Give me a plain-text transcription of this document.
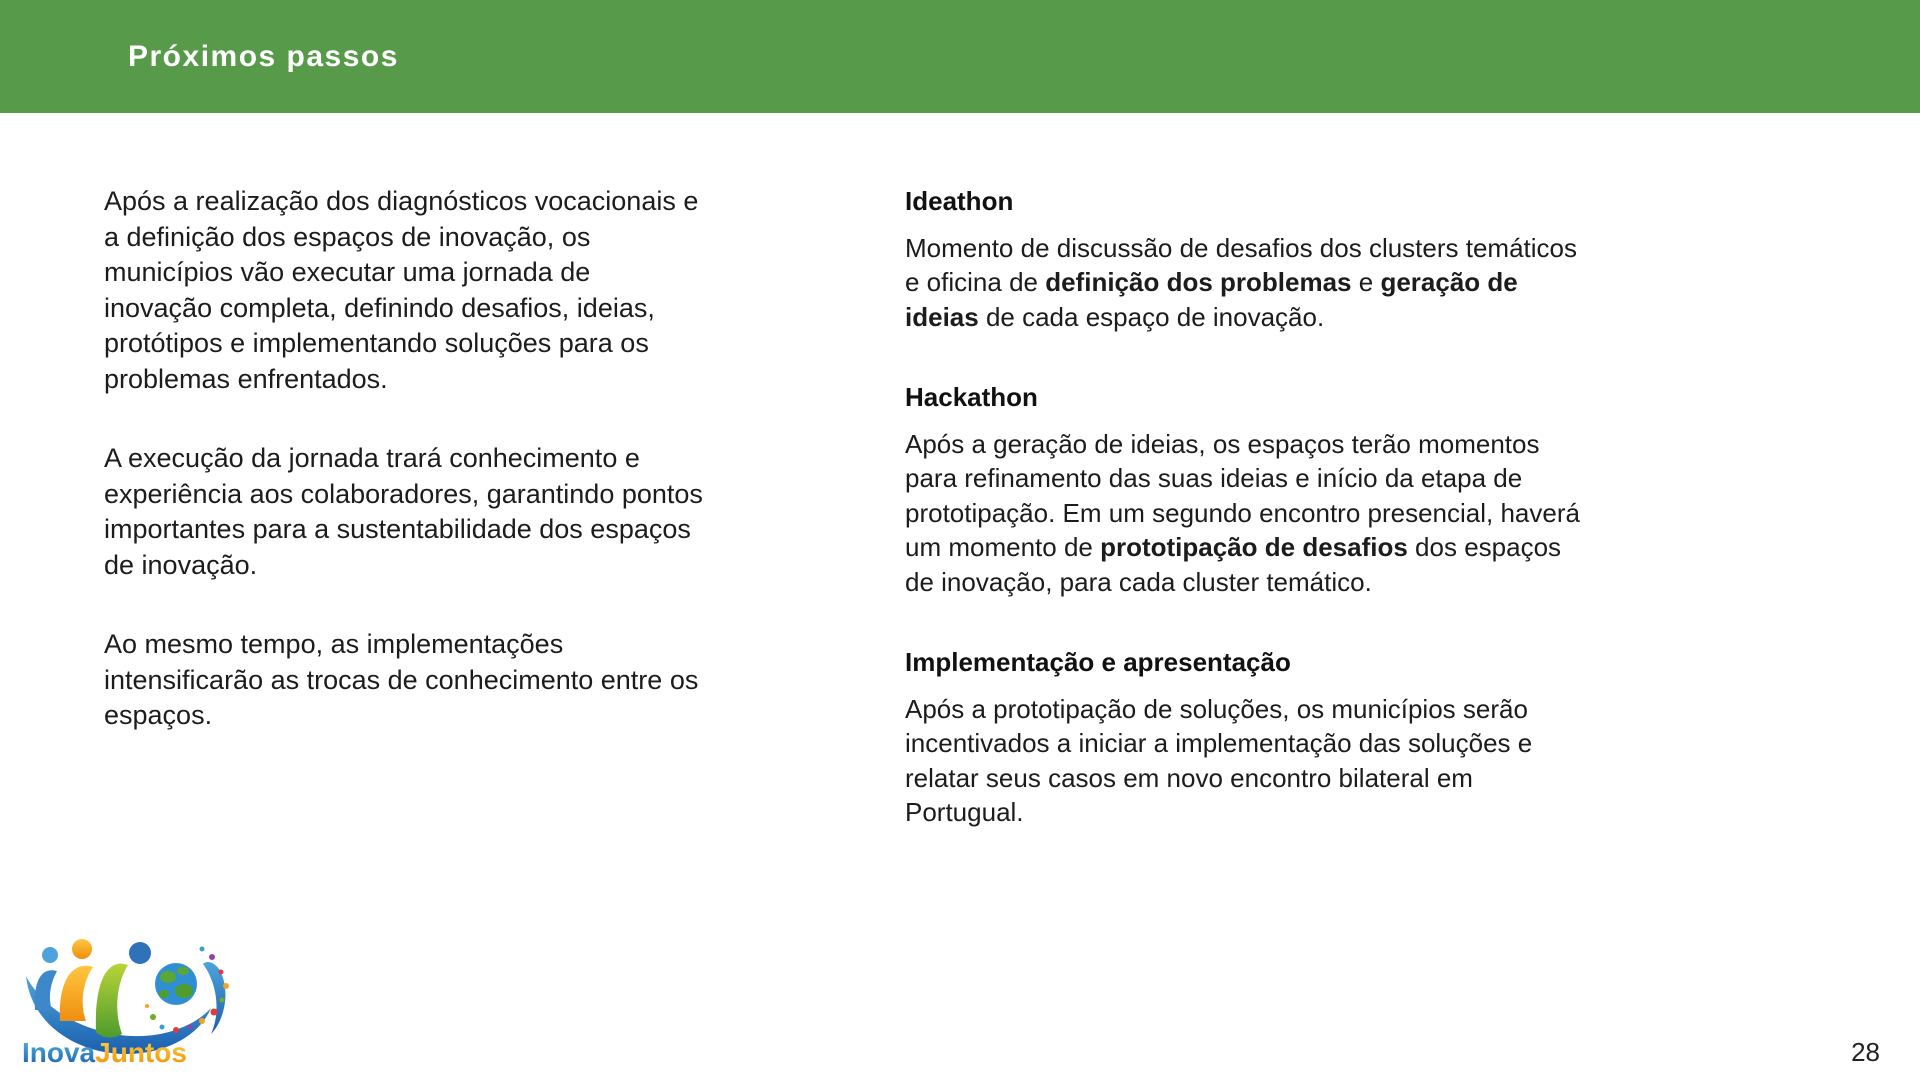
Próximos passos

Após a realização dos diagnósticos vocacionais e a definição dos espaços de inovação, os municípios vão executar uma jornada de inovação completa, definindo desafios, ideias, protótipos e implementando soluções para os problemas enfrentados.

A execução da jornada trará conhecimento e experiência aos colaboradores, garantindo pontos importantes para a sustentabilidade dos espaços de inovação.

Ao mesmo tempo, as implementações intensificarão as trocas de conhecimento entre os espaços.

Ideathon

Momento de discussão de desafios dos clusters temáticos e oficina de definição dos problemas e geração de ideias de cada espaço de inovação.

Hackathon

Após a geração de ideias, os espaços terão momentos para refinamento das suas ideias e início da etapa de prototipação. Em um segundo encontro presencial, haverá um momento de prototipação de desafios dos espaços de inovação, para cada cluster temático.

Implementação e apresentação

Após a prototipação de soluções, os municípios serão incentivados a iniciar a implementação das soluções e relatar seus casos em novo encontro bilateral em Portugual.

InovaJuntos	28
